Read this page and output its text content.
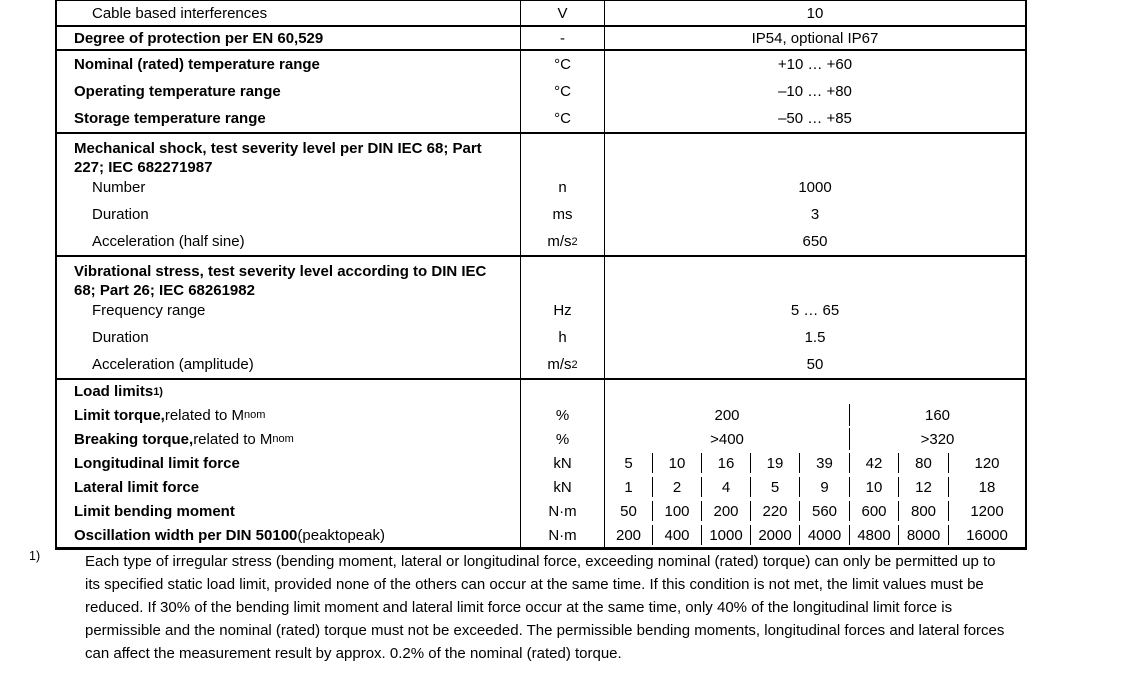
Cable based interferences	V	10
Degree of protection per EN 60,529	-	IP54, optional IP67
Nominal (rated) temperature range	°C	+10 … +60
Operating temperature range	°C	–10 … +80
Storage temperature range	°C	–50 … +85
Mechanical shock, test severity level per DIN IEC 68; Part 227; IEC 682271987
Number	n	1000
Duration	ms	3
Acceleration (half sine)	m/s 2	650
Vibrational stress, test severity level according to DIN IEC 68; Part 26; IEC 68261982
Frequency range	Hz	5 … 65
Duration	h	1.5
Acceleration (amplitude)	m/s 2	50
Load limits 1)
Limit torque, related to M nom	%	200	160
Breaking torque, related to M nom	%	>400	>320
Longitudinal limit force	kN	5	10	16	19	39	42	80	120
Lateral limit force	kN	1	2	4	5	9	10	12	18
Limit bending moment	N·m	50	100	200	220	560	600	800	1200
Oscillation width per DIN 50100 (peaktopeak)	N·m	200	400	1000	2000	4000	4800	8000	16000
1)	Each type of irregular stress (bending moment, lateral or longitudinal force, exceeding nominal (rated) torque) can only be permitted up to
its specified static load limit, provided none of the others can occur at the same time. If this condition is not met, the limit values must be
reduced. If 30% of the bending limit moment and lateral limit force occur at the same time, only 40% of the longitudinal limit force is
permissible and the nominal (rated) torque must not be exceeded. The permissible bending moments, longitudinal forces and lateral forces
can affect the measurement result by approx. 0.2% of the nominal (rated) torque.
